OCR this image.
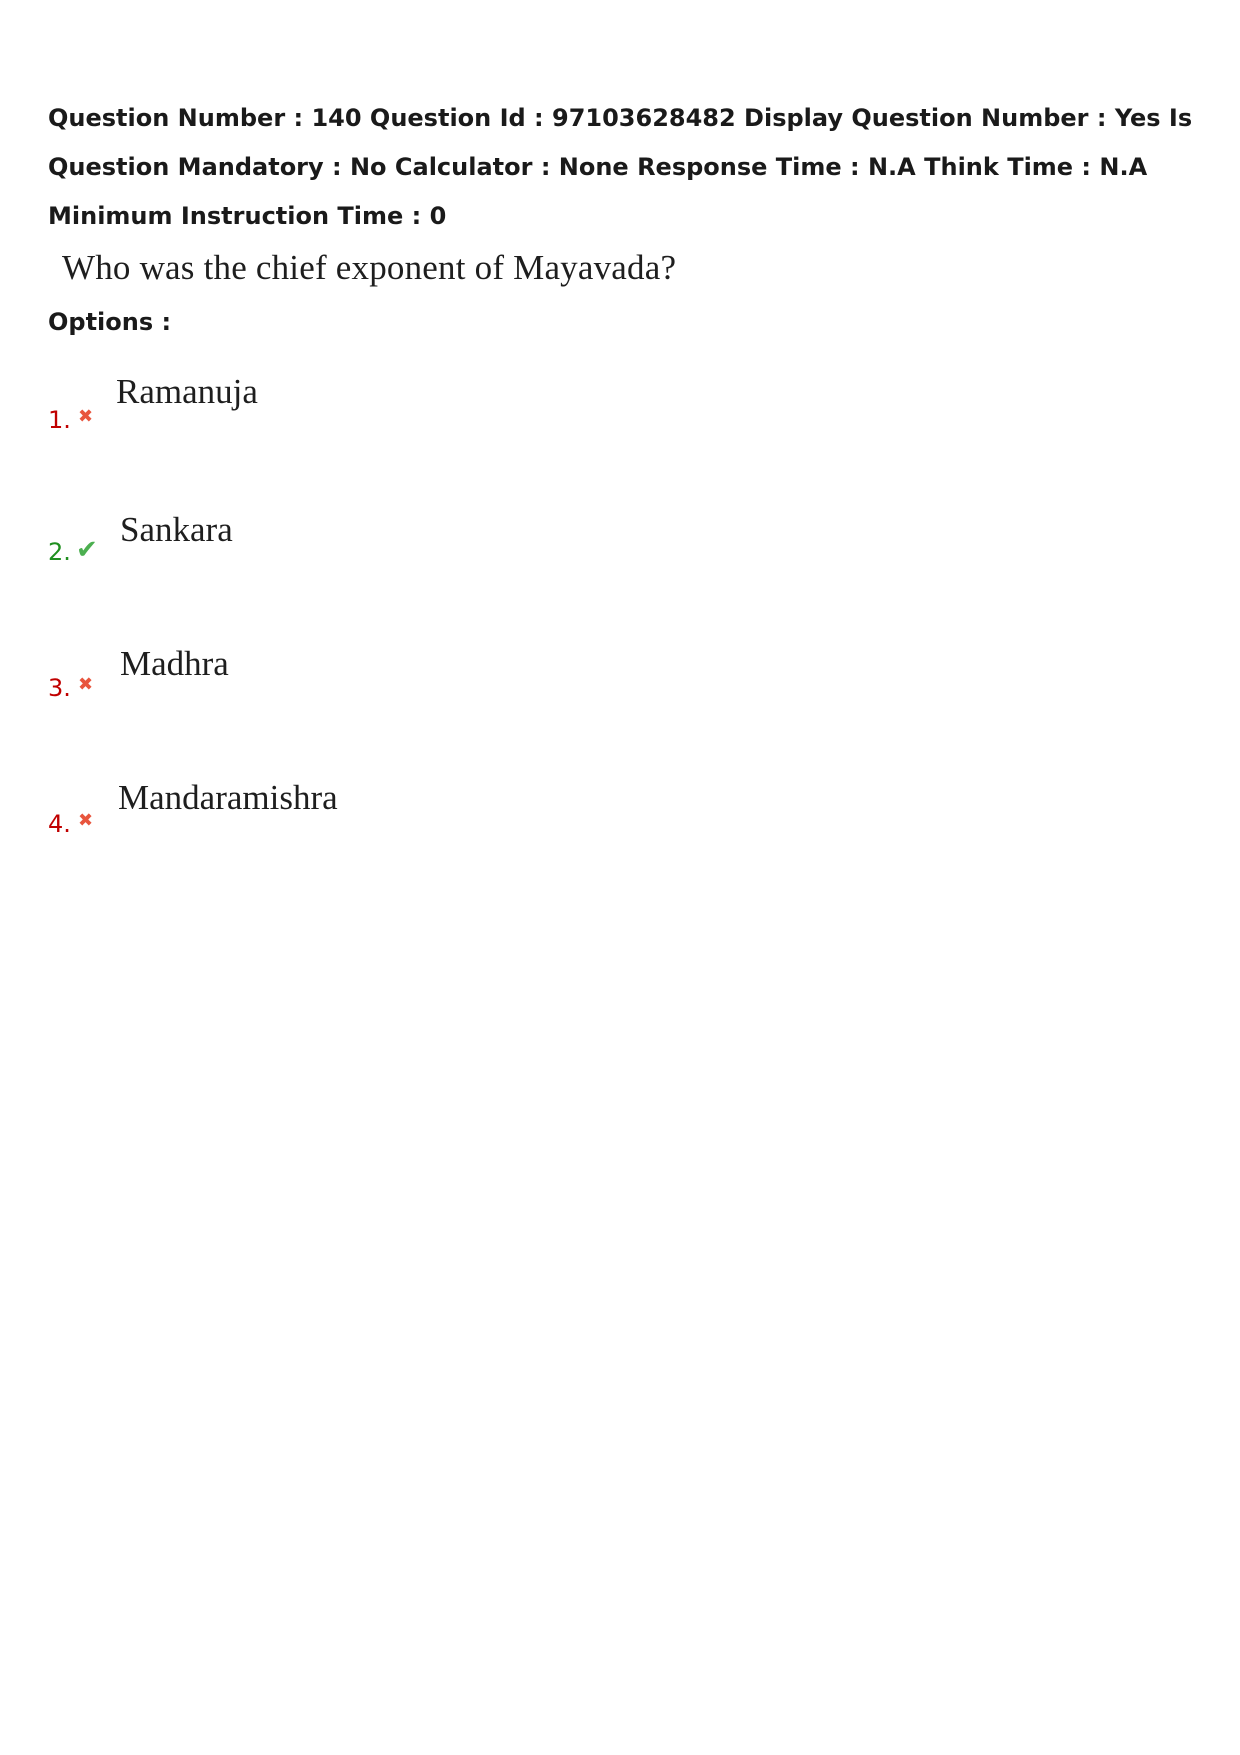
Question Number : 140 Question Id : 97103628482 Display Question Number : Yes Is Question Mandatory : No Calculator : None Response Time : N.A Think Time : N.A Minimum Instruction Time : 0
Who was the chief exponent of Mayavada?
Options :
1. ✖
Ramanuja
2. ✔
Sankara
3. ✖
Madhra
4. ✖
Mandaramishra
